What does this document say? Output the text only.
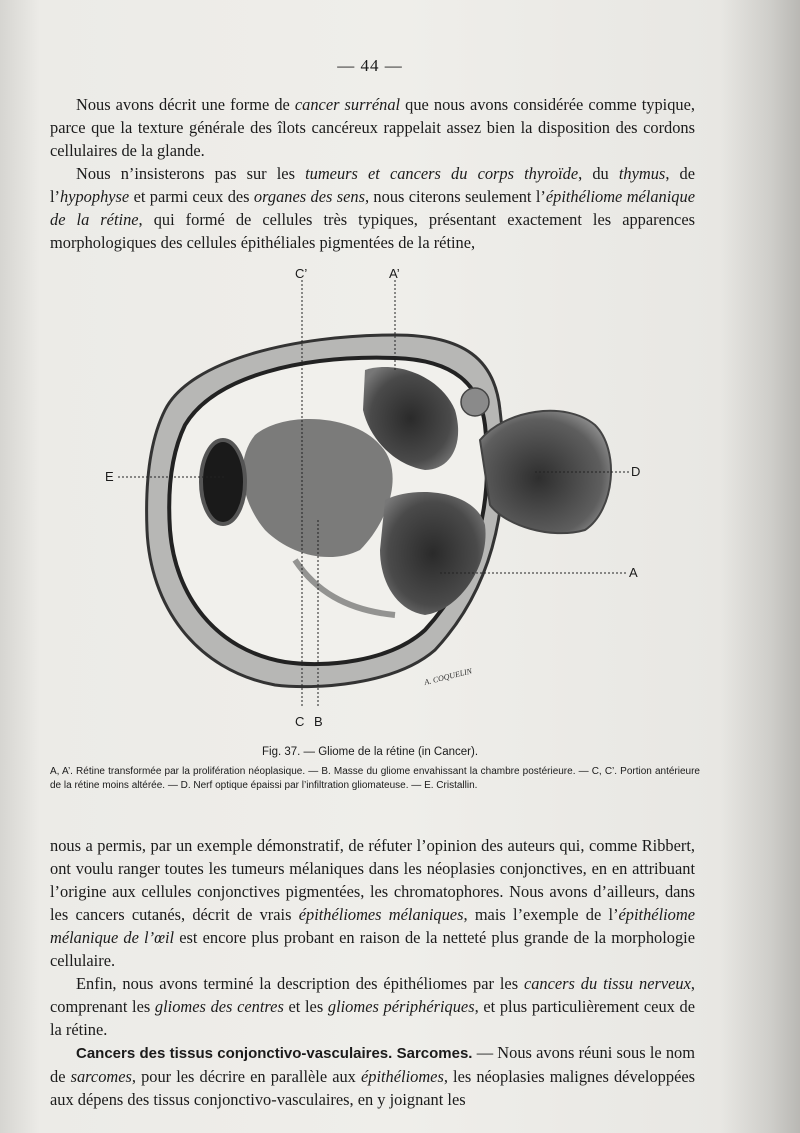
— 44 —

Nous avons décrit une forme de cancer surrénal que nous avons considérée comme typique, parce que la texture générale des îlots cancéreux rappelait assez bien la disposition des cordons cellulaires de la glande.

Nous n’insisterons pas sur les tumeurs et cancers du corps thyroïde, du thymus, de l’hypophyse et parmi ceux des organes des sens, nous citerons seulement l’épithéliome mélanique de la rétine, qui formé de cellules très typiques, présentant exactement les apparences morphologiques des cellules épithéliales pigmentées de la rétine,

C’	A’
E	D
A
C B
A. COQUELIN
Fig. 37. — Gliome de la rétine (in Cancer).
A, A’. Rétine transformée par la prolifération néoplasique. — B. Masse du gliome envahissant la chambre postérieure. — C, C’. Portion antérieure de la rétine moins altérée. — D. Nerf optique épaissi par l’infiltration gliomateuse. — E. Cristallin.

nous a permis, par un exemple démonstratif, de réfuter l’opinion des auteurs qui, comme Ribbert, ont voulu ranger toutes les tumeurs mélaniques dans les néoplasies conjonctives, en en attribuant l’origine aux cellules conjonctives pigmentées, les chromatophores. Nous avons d’ailleurs, dans les cancers cutanés, décrit de vrais épithéliomes mélaniques, mais l’exemple de l’épithéliome mélanique de l’œil est encore plus probant en raison de la netteté plus grande de la morphologie cellulaire.

Enfin, nous avons terminé la description des épithéliomes par les cancers du tissu nerveux, comprenant les gliomes des centres et les gliomes périphériques, et plus particulièrement ceux de la rétine.

Cancers des tissus conjonctivo-vasculaires. Sarcomes. — Nous avons réuni sous le nom de sarcomes, pour les décrire en parallèle aux épithéliomes, les néoplasies malignes développées aux dépens des tissus conjonctivo-vasculaires, en y joignant les
